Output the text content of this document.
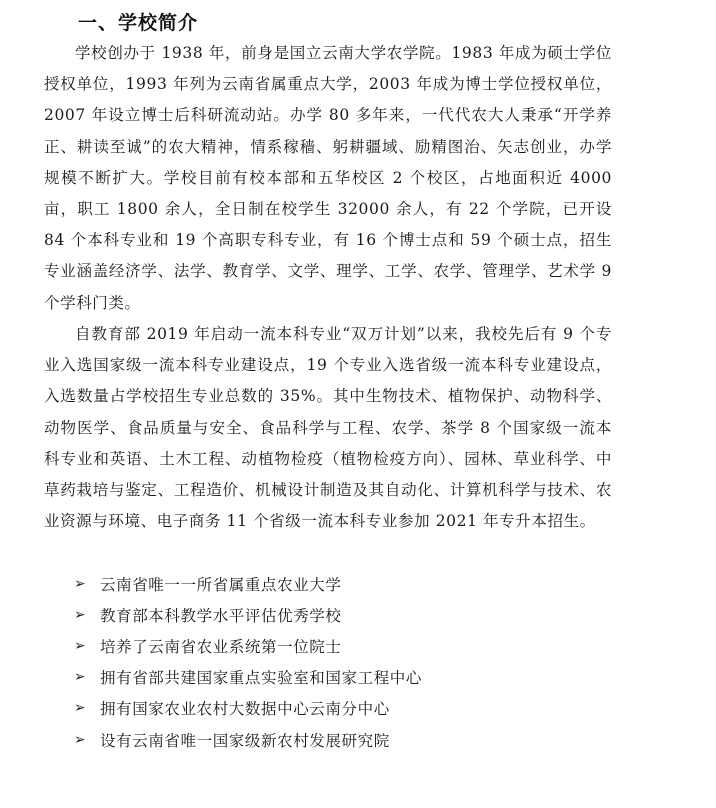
一、学校简介

学校创办于 1938 年，前身是国立云南大学农学院。1983 年成为硕士学位授权单位，1993 年列为云南省属重点大学，2003 年成为博士学位授权单位，2007 年设立博士后科研流动站。办学 80 多年来，一代代农大人秉承“开学养正、耕读至诚”的农大精神，情系稼穑、躬耕疆域、励精图治、矢志创业，办学规模不断扩大。学校目前有校本部和五华校区 2 个校区，占地面积近 4000 亩，职工 1800 余人，全日制在校学生 32000 余人，有 22 个学院，已开设 84 个本科专业和 19 个高职专科专业，有 16 个博士点和 59 个硕士点，招生专业涵盖经济学、法学、教育学、文学、理学、工学、农学、管理学、艺术学 9 个学科门类。

自教育部 2019 年启动一流本科专业“双万计划”以来，我校先后有 9 个专业入选国家级一流本科专业建设点，19 个专业入选省级一流本科专业建设点，入选数量占学校招生专业总数的 35%。其中生物技术、植物保护、动物科学、动物医学、食品质量与安全、食品科学与工程、农学、茶学 8 个国家级一流本科专业和英语、土木工程、动植物检疫（植物检疫方向）、园林、草业科学、中草药栽培与鉴定、工程造价、机械设计制造及其自动化、计算机科学与技术、农业资源与环境、电子商务 11 个省级一流本科专业参加 2021 年专升本招生。

➢ 云南省唯一一所省属重点农业大学
➢ 教育部本科教学水平评估优秀学校
➢ 培养了云南省农业系统第一位院士
➢ 拥有省部共建国家重点实验室和国家工程中心
➢ 拥有国家农业农村大数据中心云南分中心
➢ 设有云南省唯一国家级新农村发展研究院
